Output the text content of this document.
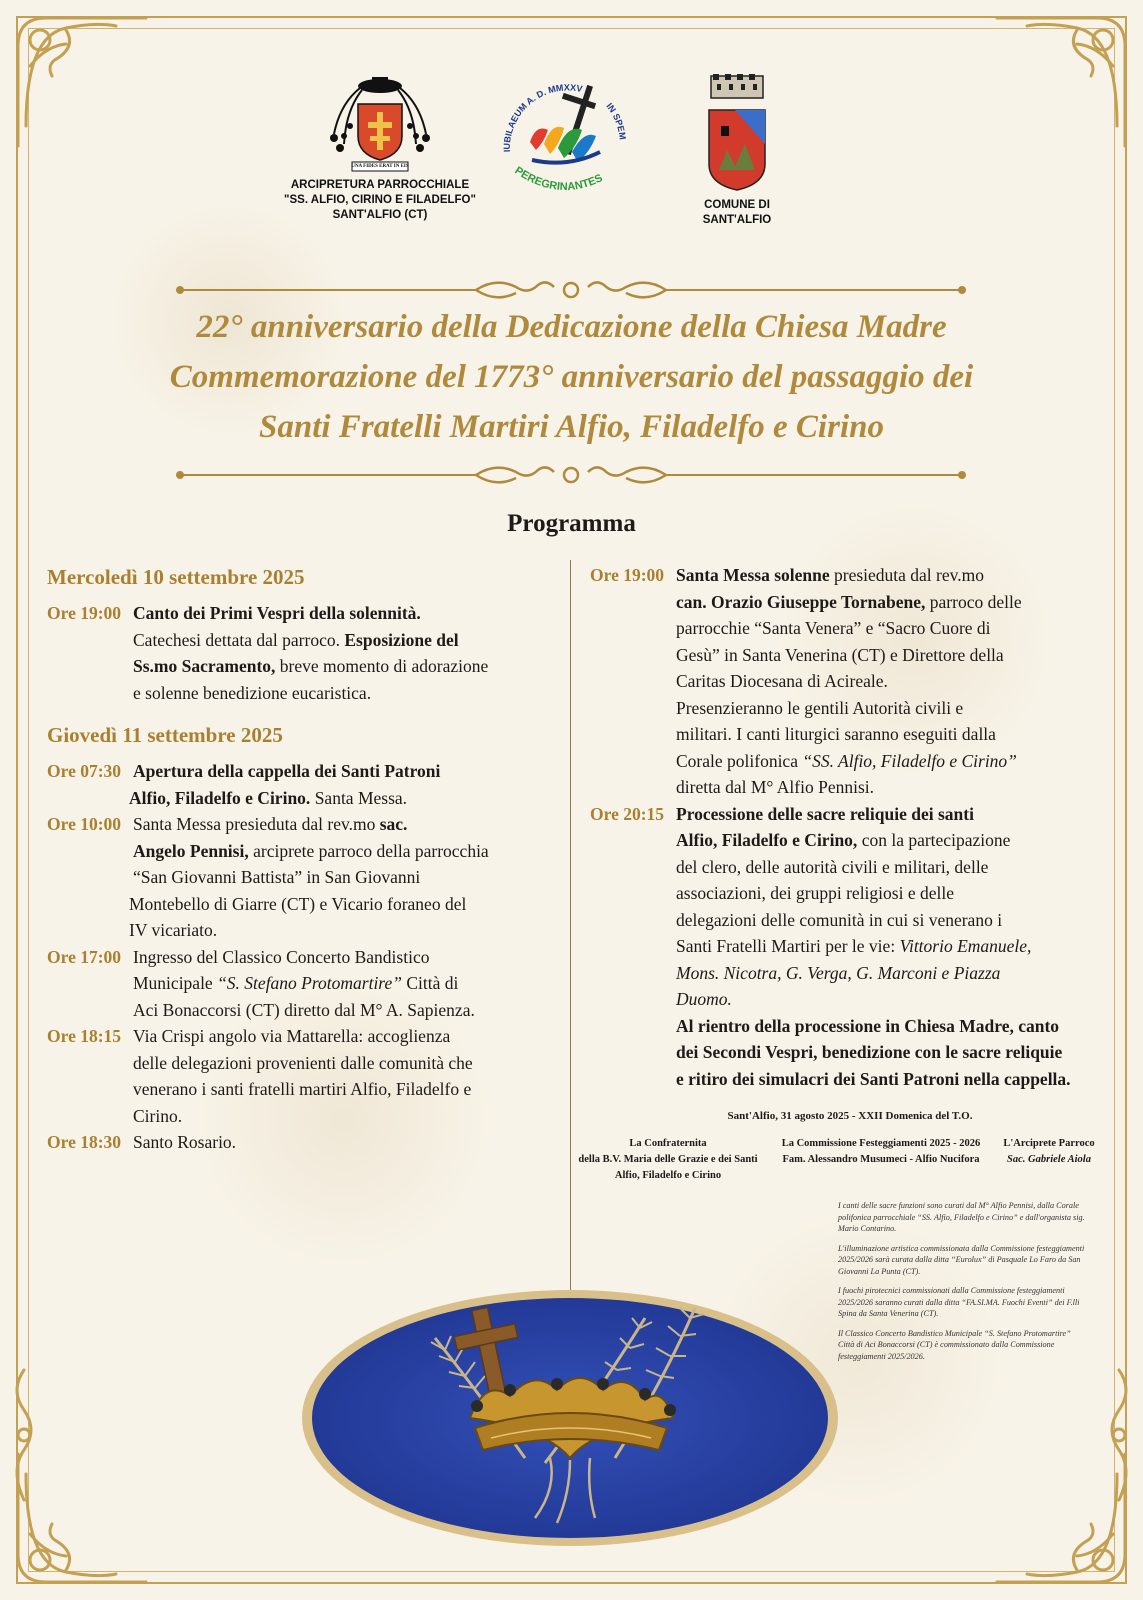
UNA FIDES ERAT IN EIS
ARCIPRETURA PARROCCHIALE
"SS. ALFIO, CIRINO E FILADELFO"
SANT'ALFIO (CT)
IUBILAEUM A. D. MMXXV
IN SPEM
PEREGRINANTES
COMUNE DI
SANT'ALFIO
22° anniversario della Dedicazione della Chiesa Madre
Commemorazione del 1773° anniversario del passaggio dei
Santi Fratelli Martiri Alfio, Filadelfo e Cirino
Programma
Mercoledì 10 settembre 2025
Ore 19:00 Canto dei Primi Vespri della solennità.
Catechesi dettata dal parroco. Esposizione del
Ss.mo Sacramento, breve momento di adorazione
e solenne benedizione eucaristica.
Giovedì 11 settembre 2025
Ore 07:30 Apertura della cappella dei Santi Patroni
Alfio, Filadelfo e Cirino. Santa Messa.
Ore 10:00 Santa Messa presieduta dal rev.mo sac.
Angelo Pennisi, arciprete parroco della parrocchia
“San Giovanni Battista” in San Giovanni
Montebello di Giarre (CT) e Vicario foraneo del
IV vicariato.
Ore 17:00 Ingresso del Classico Concerto Bandistico
Municipale “S. Stefano Protomartire” Città di
Aci Bonaccorsi (CT) diretto dal M° A. Sapienza.
Ore 18:15 Via Crispi angolo via Mattarella: accoglienza
delle delegazioni provenienti dalle comunità che
venerano i santi fratelli martiri Alfio, Filadelfo e
Cirino.
Ore 18:30 Santo Rosario.
Ore 19:00 Santa Messa solenne presieduta dal rev.mo
can. Orazio Giuseppe Tornabene, parroco delle
parrocchie “Santa Venera” e “Sacro Cuore di
Gesù” in Santa Venerina (CT) e Direttore della
Caritas Diocesana di Acireale.
Presenzieranno le gentili Autorità civili e
militari. I canti liturgici saranno eseguiti dalla
Corale polifonica “SS. Alfio, Filadelfo e Cirino”
diretta dal M° Alfio Pennisi.
Ore 20:15 Processione delle sacre reliquie dei santi
Alfio, Filadelfo e Cirino, con la partecipazione
del clero, delle autorità civili e militari, delle
associazioni, dei gruppi religiosi e delle
delegazioni delle comunità in cui si venerano i
Santi Fratelli Martiri per le vie: Vittorio Emanuele,
Mons. Nicotra, G. Verga, G. Marconi e Piazza
Duomo.
Al rientro della processione in Chiesa Madre, canto
dei Secondi Vespri, benedizione con le sacre reliquie
e ritiro dei simulacri dei Santi Patroni nella cappella.
Sant'Alfio, 31 agosto 2025 - XXII Domenica del T.O.
La Confraternita
della B.V. Maria delle Grazie e dei Santi
Alfio, Filadelfo e Cirino
La Commissione Festeggiamenti 2025 - 2026
Fam. Alessandro Musumeci - Alfio Nucifora
L'Arciprete Parroco
Sac. Gabriele Aiola

I canti delle sacre funzioni sono curati dal M° Alfio Pennisi, dalla Corale polifonica parrocchiale “SS. Alfio, Filadelfo e Cirino” e dall'organista sig. Mario Contarino.

L'illuminazione artistica commissionata dalla Commissione festeggiamenti 2025/2026 sarà curata dalla ditta “Eurolux” di Pasquale Lo Faro da San Giovanni La Punta (CT).

I fuochi pirotecnici commissionati dalla Commissione festeggiamenti 2025/2026 saranno curati dalla ditta “FA.SI.MA. Fuochi Eventi” dei F.lli Spina da Santa Venerina (CT).

Il Classico Concerto Bandistico Municipale “S. Stefano Protomartire” Città di Aci Bonaccorsi (CT) è commissionato dalla Commissione festeggiamenti 2025/2026.
